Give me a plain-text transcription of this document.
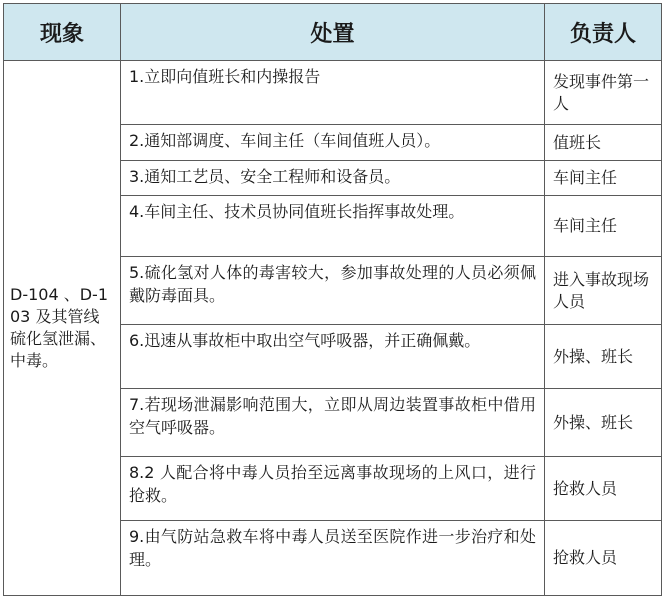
现象	处置	负责人
D-104 、D-103 及其管线硫化氢泄漏、中毒。	1.立即向值班长和内操报告	发现事件第一人
	2.通知部调度、车间主任（车间值班人员）。	值班长
	3.通知工艺员、安全工程师和设备员。	车间主任
	4.车间主任、技术员协同值班长指挥事故处理。	车间主任
	5.硫化氢对人体的毒害较大，参加事故处理的人员必须佩戴防毒面具。	进入事故现场人员
	6.迅速从事故柜中取出空气呼吸器，并正确佩戴。	外操、班长
	7.若现场泄漏影响范围大，立即从周边装置事故柜中借用空气呼吸器。	外操、班长
	8.2 人配合将中毒人员抬至远离事故现场的上风口，进行抢救。	抢救人员
	9.由气防站急救车将中毒人员送至医院作进一步治疗和处理。	抢救人员
